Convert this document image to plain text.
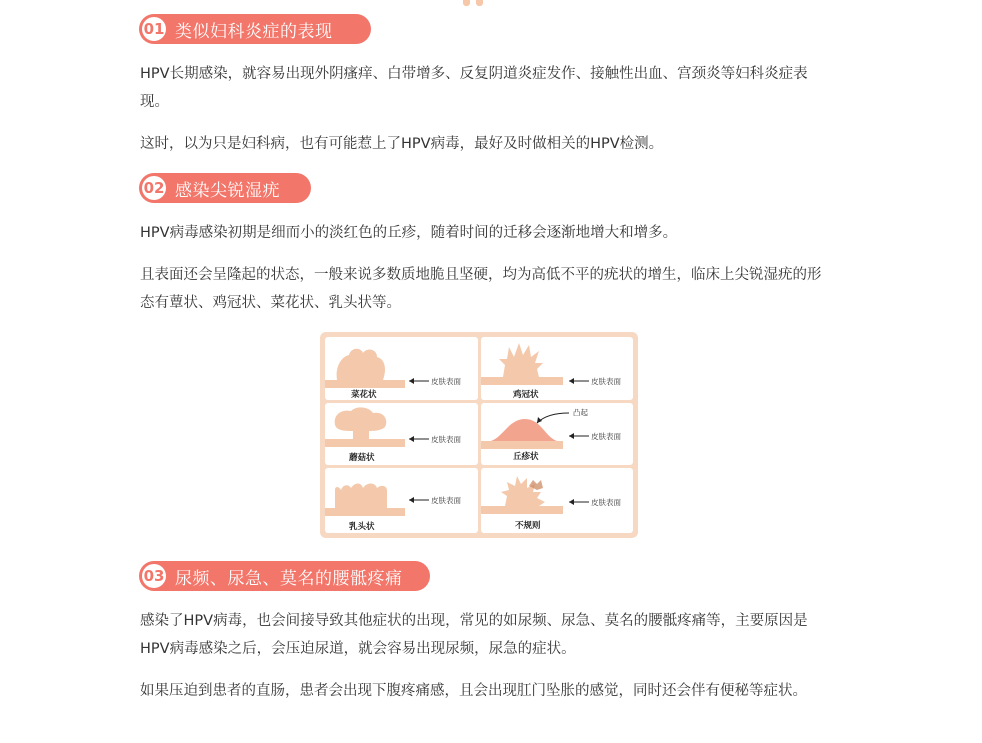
01 类似妇科炎症的表现

HPV长期感染，就容易出现外阴瘙痒、白带增多、反复阴道炎症发作、接触性出血、宫颈炎等妇科炎症表现。

这时，以为只是妇科病，也有可能惹上了HPV病毒，最好及时做相关的HPV检测。

02 感染尖锐湿疣

HPV病毒感染初期是细而小的淡红色的丘疹，随着时间的迁移会逐渐地增大和增多。

且表面还会呈隆起的状态，一般来说多数质地脆且坚硬，均为高低不平的疣状的增生，临床上尖锐湿疣的形态有蕈状、鸡冠状、菜花状、乳头状等。

皮肤表面
菜花状
皮肤表面
鸡冠状
皮肤表面
蘑菇状
凸起
皮肤表面
丘疹状
皮肤表面
乳头状
皮肤表面
不规则
03 尿频、尿急、莫名的腰骶疼痛

感染了HPV病毒，也会间接导致其他症状的出现，常见的如尿频、尿急、莫名的腰骶疼痛等，主要原因是HPV病毒感染之后，会压迫尿道，就会容易出现尿频，尿急的症状。

如果压迫到患者的直肠，患者会出现下腹疼痛感，且会出现肛门坠胀的感觉，同时还会伴有便秘等症状。
